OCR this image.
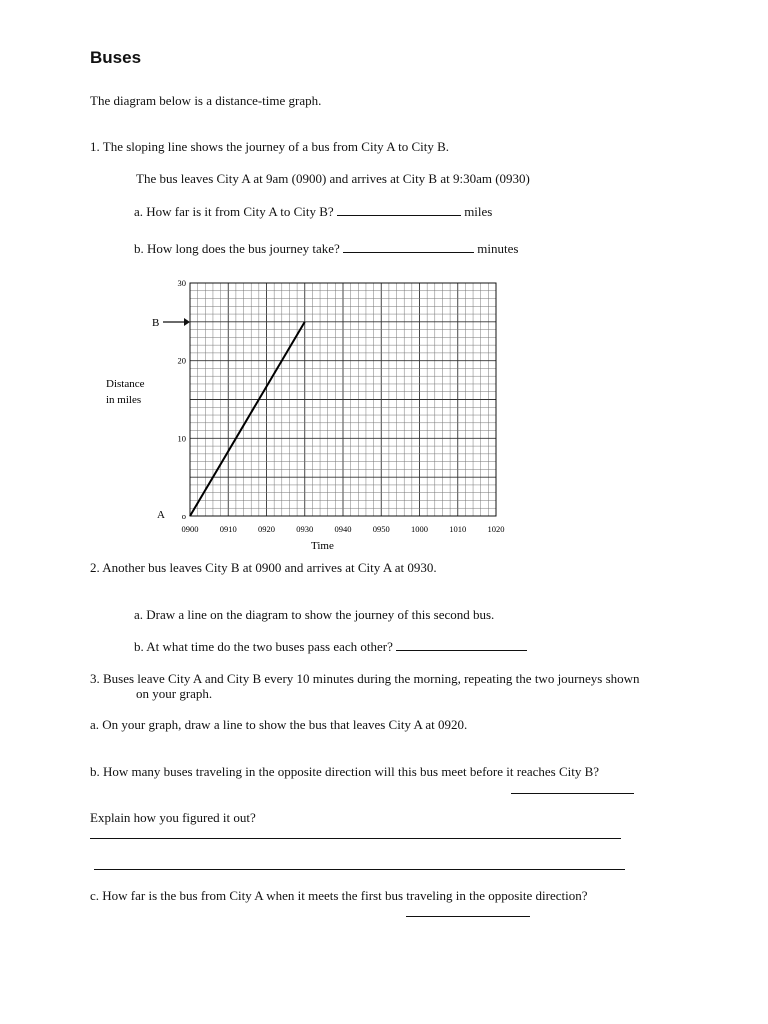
Buses
The diagram below is a distance-time graph.
1. The sloping line shows the journey of a bus from City A to City B.
The bus leaves City A at 9am (0900) and arrives at City B at 9:30am (0930)
a. How far is it from City A to City B?	miles
b. How long does the bus journey take?	minutes
0900	0910	0920	0930	0940	0950	1000	1010	1020
o
10
20
30
Distance
in miles
Time
B
A
2. Another bus leaves City B at 0900 and arrives at City A at 0930.
a. Draw a line on the diagram to show the journey of this second bus.
b. At what time do the two buses pass each other?
3. Buses leave City A and City B every 10 minutes during the morning, repeating the two journeys shown
on your graph.
a. On your graph, draw a line to show the bus that leaves City A at 0920.
b. How many buses traveling in the opposite direction will this bus meet before it reaches City B?
Explain how you figured it out?
c. How far is the bus from City A when it meets the first bus traveling in the opposite direction?
